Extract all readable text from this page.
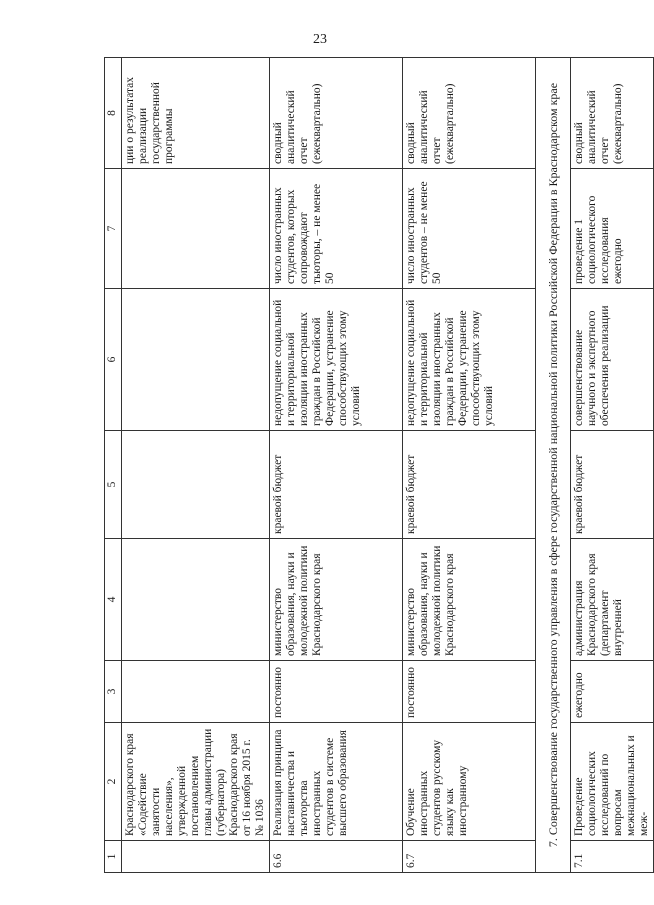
23
1	2	3	4	5	6	7	8
	Краснодарского края «Содействие занятости населения», утвержденной постановлением главы администрации (губернатора) Краснодарского края от 16 ноября 2015 г. № 1036						ции о результатах реализации государственной программы
6.6	Реализация принципа наставничества и тьюторства иностранных студентов в системе высшего образования	постоянно	министерство образования, науки и молодежной политики Краснодарского края	краевой бюджет	недопущение социальной и территориальной изоляции иностранных граждан в Российской Федерации, устранение способствующих этому условий	число иностранных студентов, которых сопровождают тьюторы, – не менее 50	сводный аналитический отчет (ежеквартально)
6.7	Обучение иностранных студентов русскому языку как иностранному	постоянно	министерство образования, науки и молодежной политики Краснодарского края	краевой бюджет	недопущение социальной и территориальной изоляции иностранных граждан в Российской Федерации, устранение способствующих этому условий	число иностранных студентов – не менее 50	сводный аналитический отчет (ежеквартально)
7. Совершенствование государственного управления в сфере государственной национальной политики Российской Федерации в Краснодарском крае							
7.1	Проведение социологических исследований по вопросам межнациональных и меж-	ежегодно	администрация Краснодарского края (департамент внутренней	краевой бюджет	совершенствование научного и экспертного обеспечения реализации	проведение 1 социологического исследования ежегодно	сводный аналитический отчет (ежеквартально)
